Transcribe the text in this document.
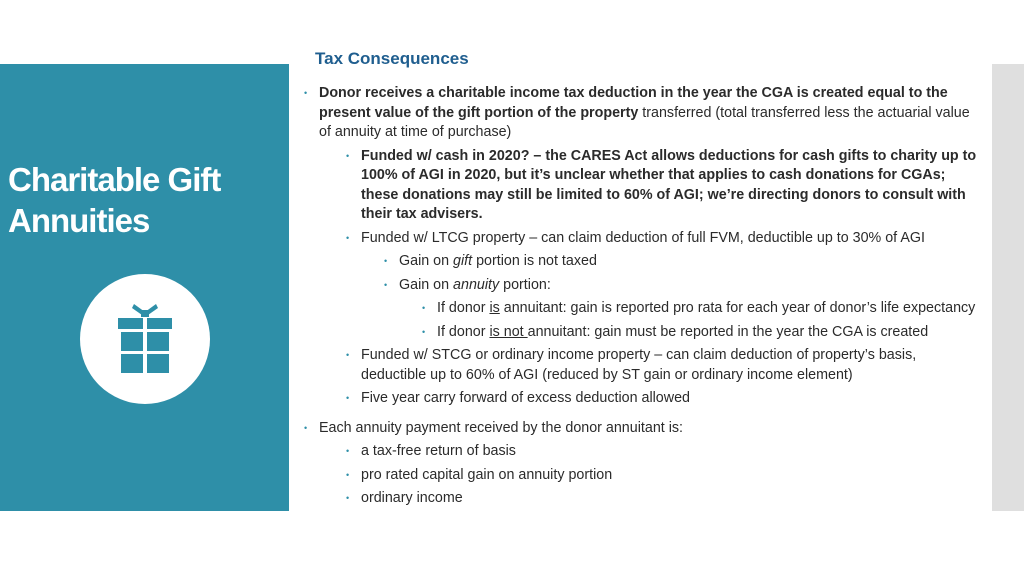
Charitable Gift
Annuities
Tax Consequences
• Donor receives a charitable income tax deduction in the year the CGA is created equal to the present value of the gift portion of the property transferred (total transferred less the actuarial value of annuity at time of purchase)
• Funded w/ cash in 2020? – the CARES Act allows deductions for cash gifts to charity up to 100% of AGI in 2020, but it’s unclear whether that applies to cash donations for CGAs; these donations may still be limited to 60% of AGI; we’re directing donors to consult with their tax advisers.
• Funded w/ LTCG property – can claim deduction of full FVM, deductible up to 30% of AGI
• Gain on gift portion is not taxed
• Gain on annuity portion:
• If donor is annuitant: gain is reported pro rata for each year of donor’s life expectancy
• If donor is not annuitant: gain must be reported in the year the CGA is created
• Funded w/ STCG or ordinary income property – can claim deduction of property’s basis, deductible up to 60% of AGI (reduced by ST gain or ordinary income element)
• Five year carry forward of excess deduction allowed
• Each annuity payment received by the donor annuitant is:
• a tax-free return of basis
• pro rated capital gain on annuity portion
• ordinary income
